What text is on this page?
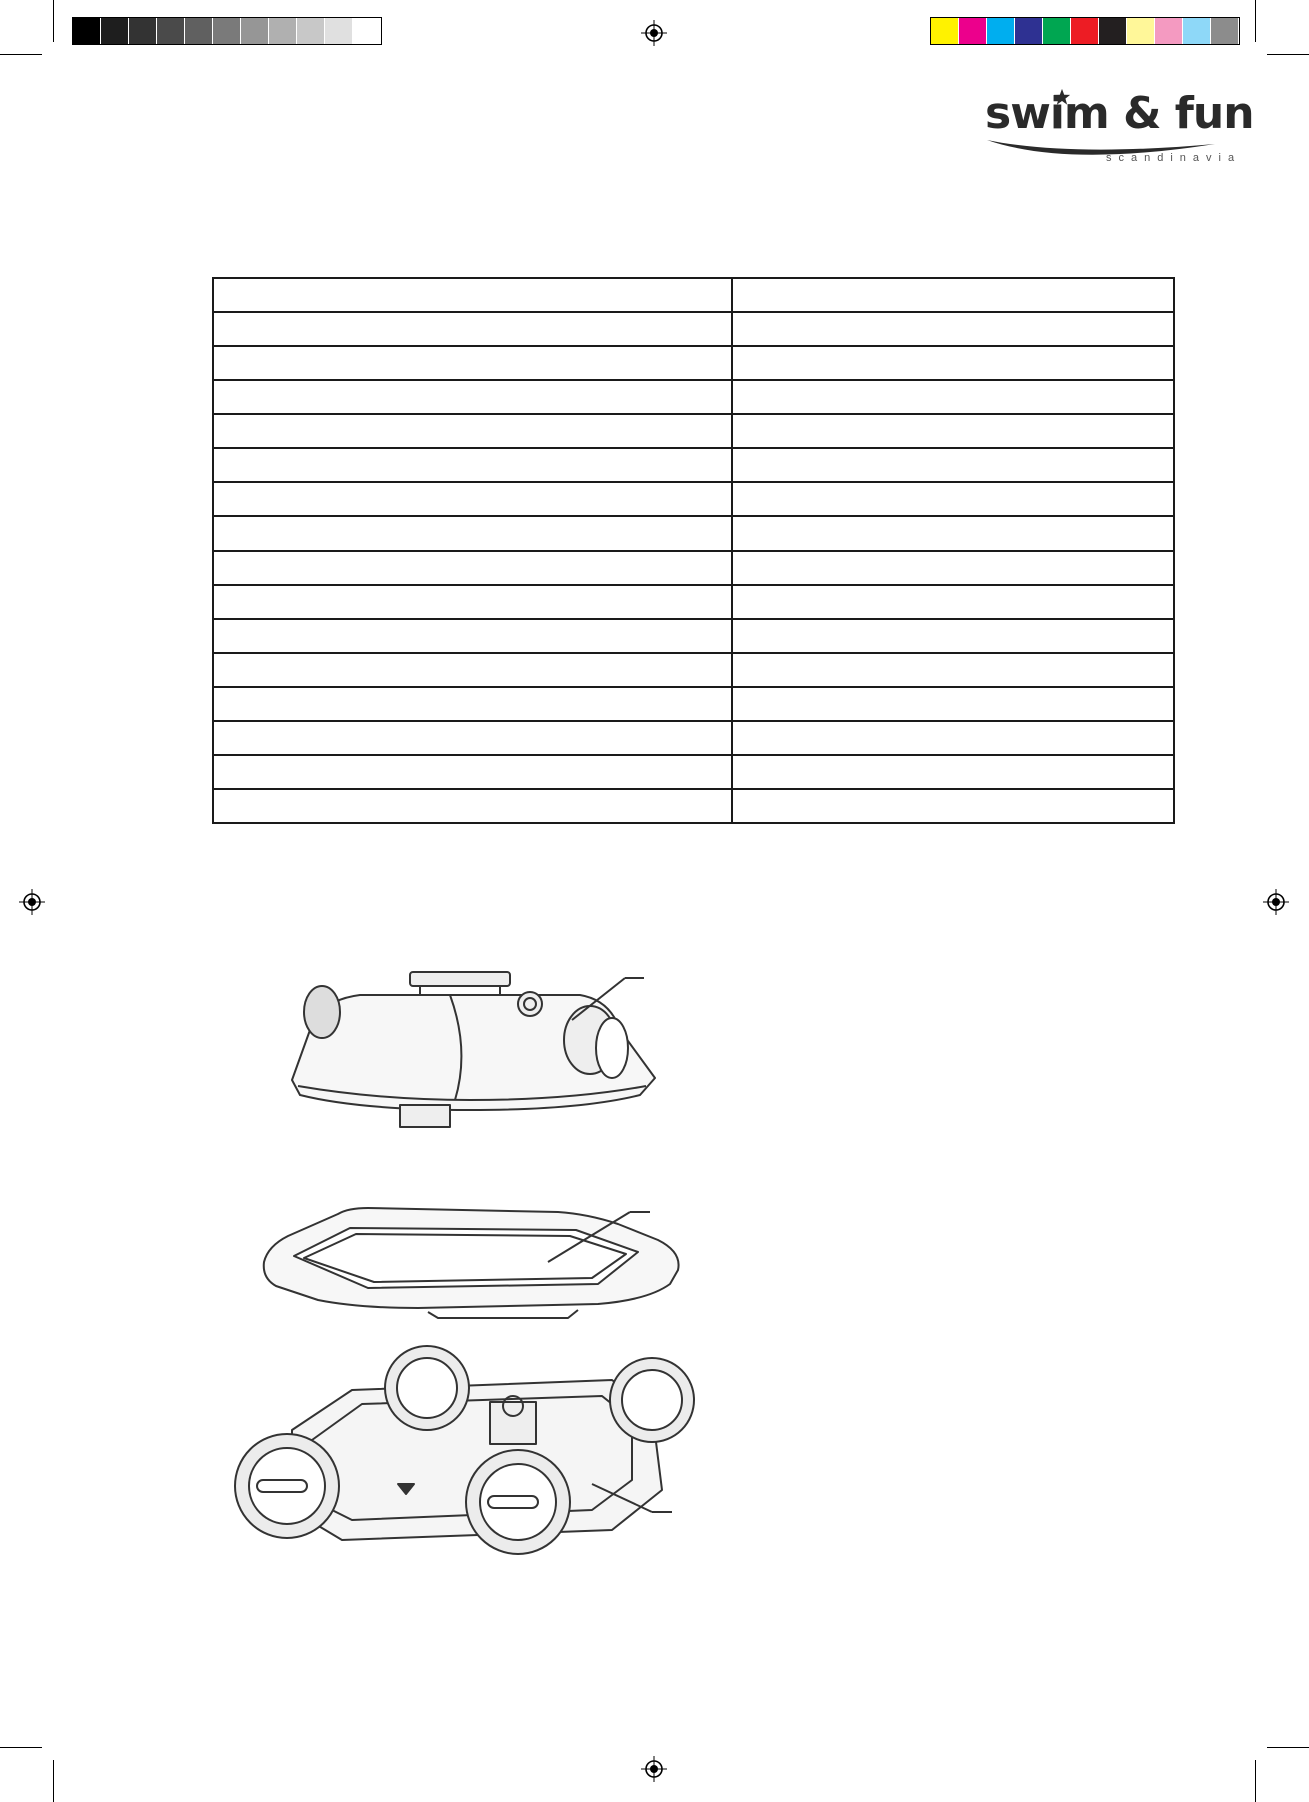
swim & fun
scandinavia
